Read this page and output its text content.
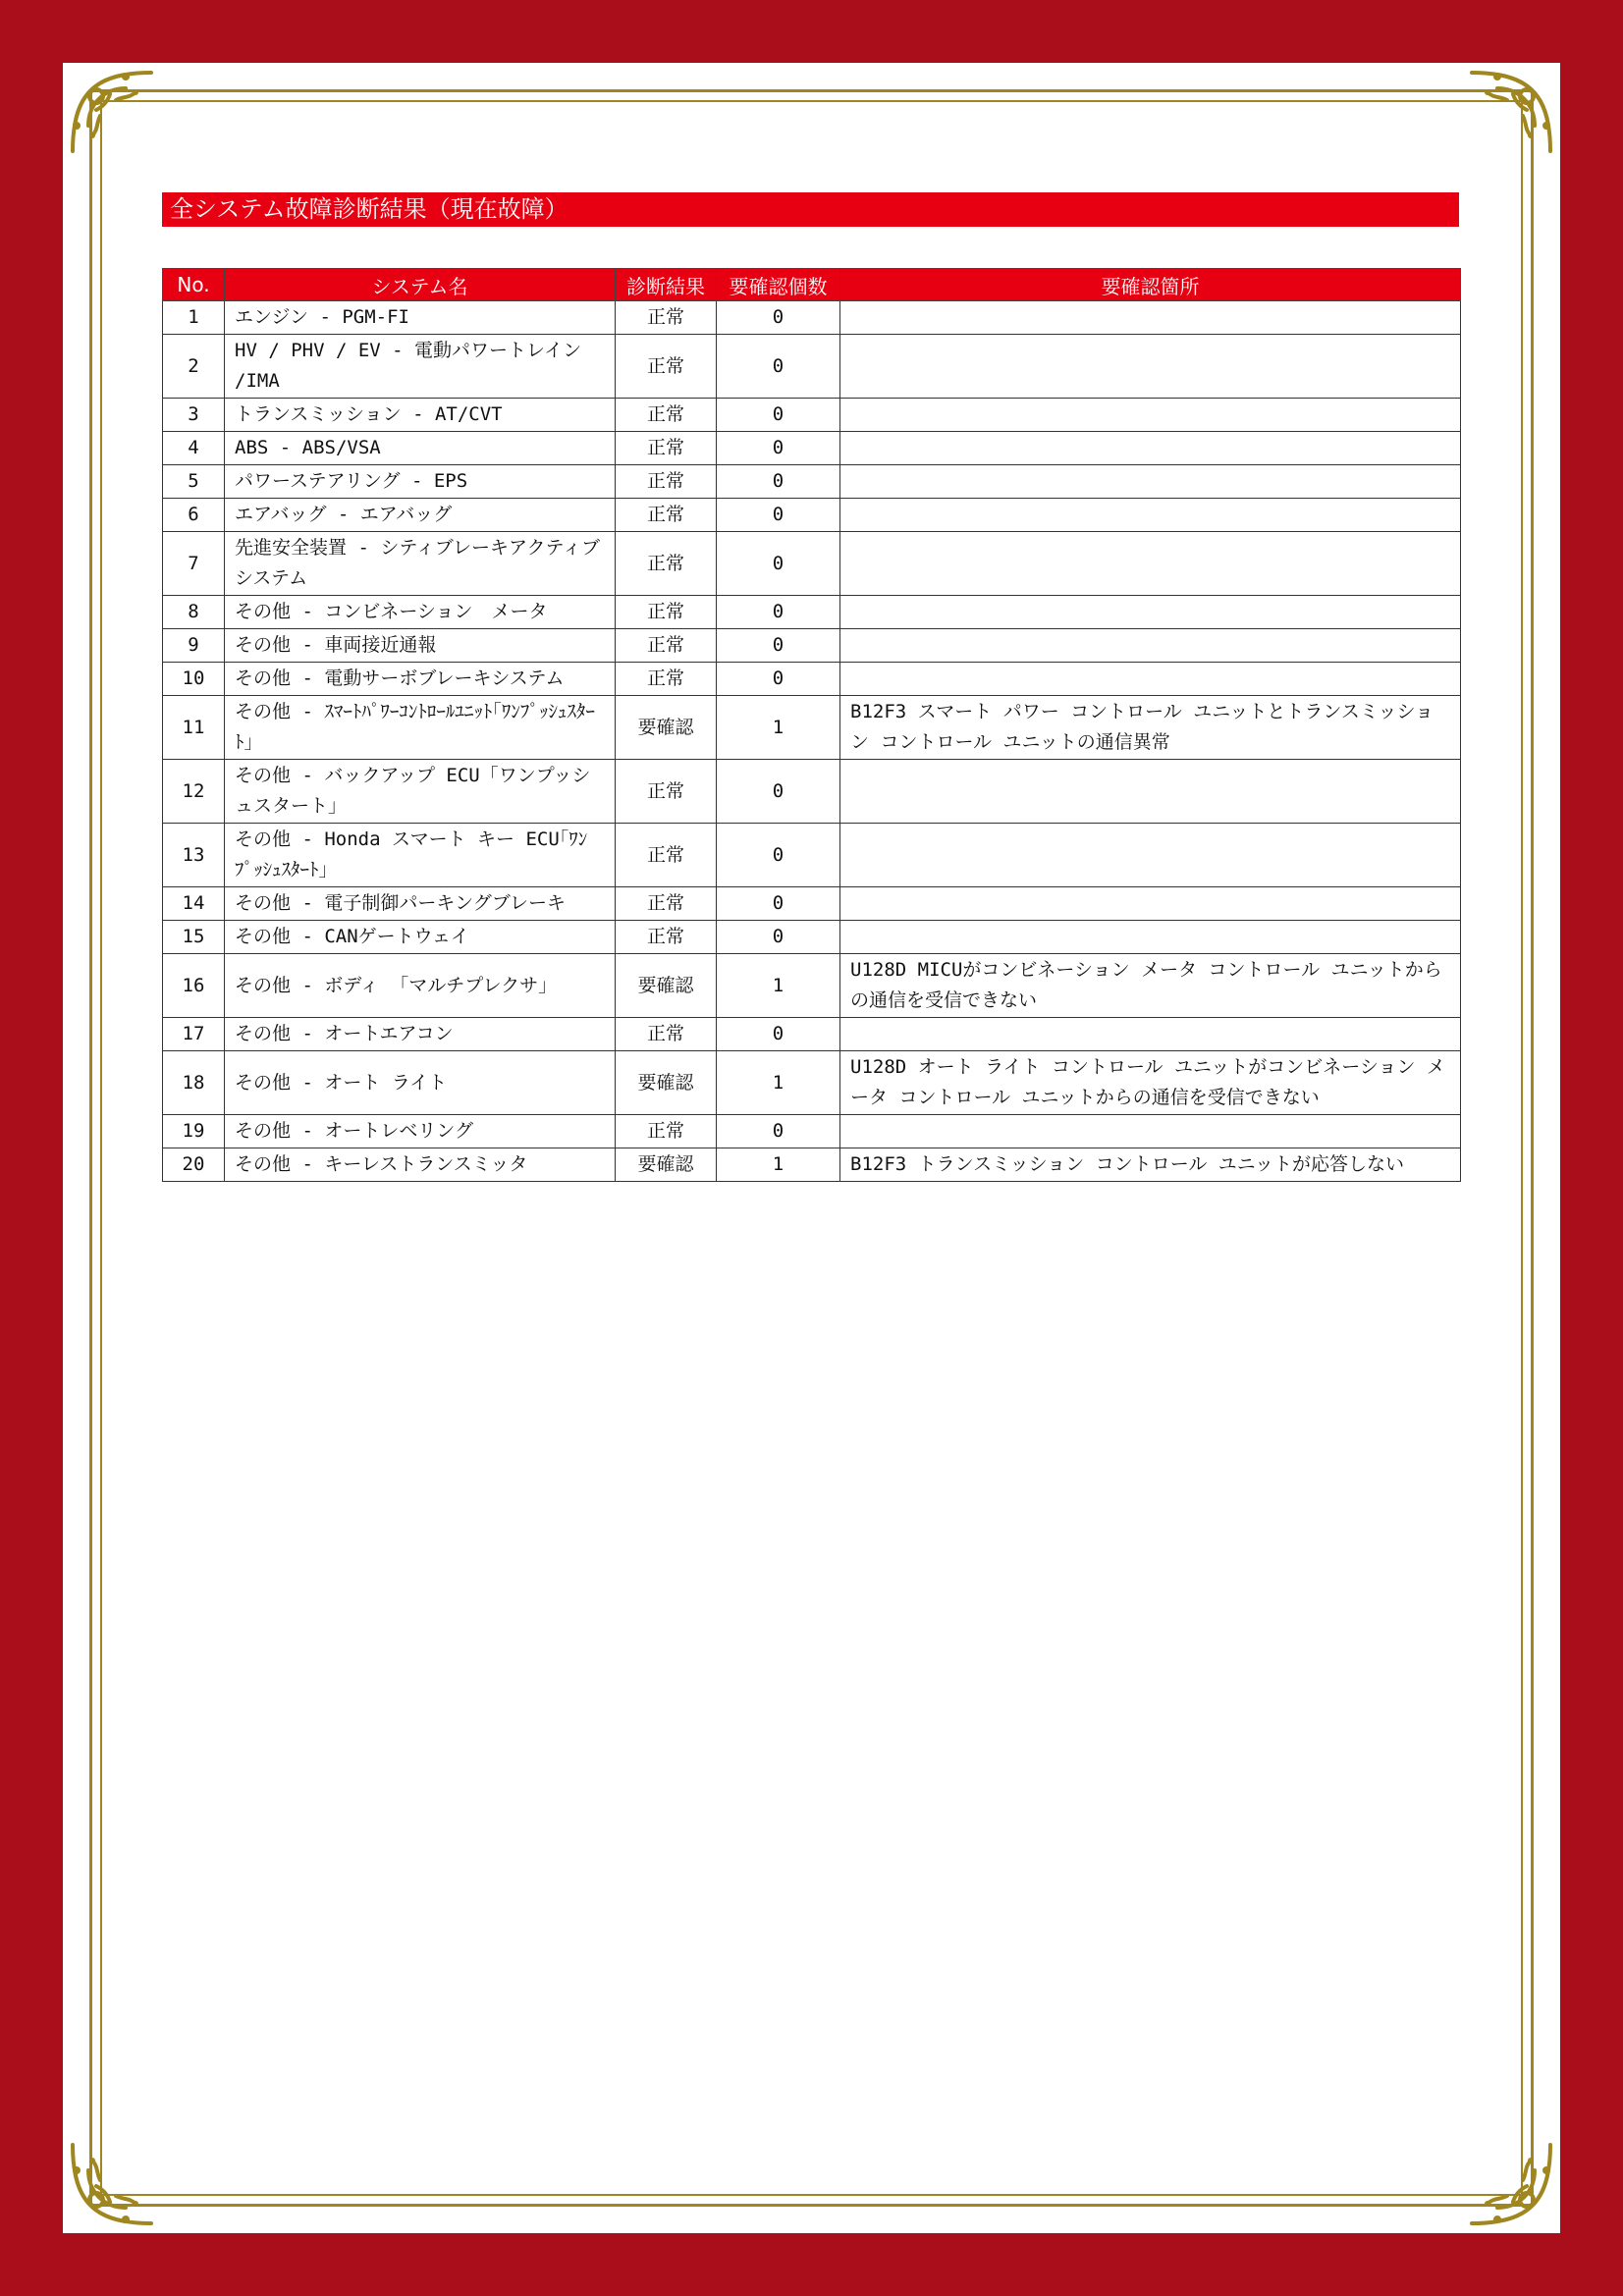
全システム故障診断結果（現在故障）
No.	システム名	診断結果	要確認個数	要確認箇所
1	エンジン - PGM-FI	正常	0	
2	HV / PHV / EV - 電動パワートレイン /IMA	正常	0	
3	トランスミッション - AT/CVT	正常	0	
4	ABS - ABS/VSA	正常	0	
5	パワーステアリング - EPS	正常	0	
6	エアバッグ - エアバッグ	正常	0	
7	先進安全装置 - シティブレーキアクティブシステム	正常	0	
8	その他 - コンビネーション　メータ	正常	0	
9	その他 - 車両接近通報	正常	0	
10	その他 - 電動サーボブレーキシステム	正常	0	
11	その他 - ｽﾏｰﾄﾊﾟﾜｰｺﾝﾄﾛｰﾙﾕﾆｯﾄ｢ﾜﾝﾌﾟｯｼｭｽﾀｰﾄ｣	要確認	1	B12F3 スマート パワー コントロール ユニットとトランスミッション コントロール ユニットの通信異常
12	その他 - バックアップ ECU「ワンプッシュスタート」	正常	0	
13	その他 - Honda スマート キー ECU｢ﾜﾝﾌﾟｯｼｭｽﾀｰﾄ｣	正常	0	
14	その他 - 電子制御パーキングブレーキ	正常	0	
15	その他 - CANゲートウェイ	正常	0	
16	その他 - ボディ 「マルチプレクサ」	要確認	1	U128D MICUがコンビネーション メータ コントロール ユニットからの通信を受信できない
17	その他 - オートエアコン	正常	0	
18	その他 - オート ライト	要確認	1	U128D オート ライト コントロール ユニットがコンビネーション メータ コントロール ユニットからの通信を受信できない
19	その他 - オートレベリング	正常	0	
20	その他 - キーレストランスミッタ	要確認	1	B12F3 トランスミッション コントロール ユニットが応答しない
